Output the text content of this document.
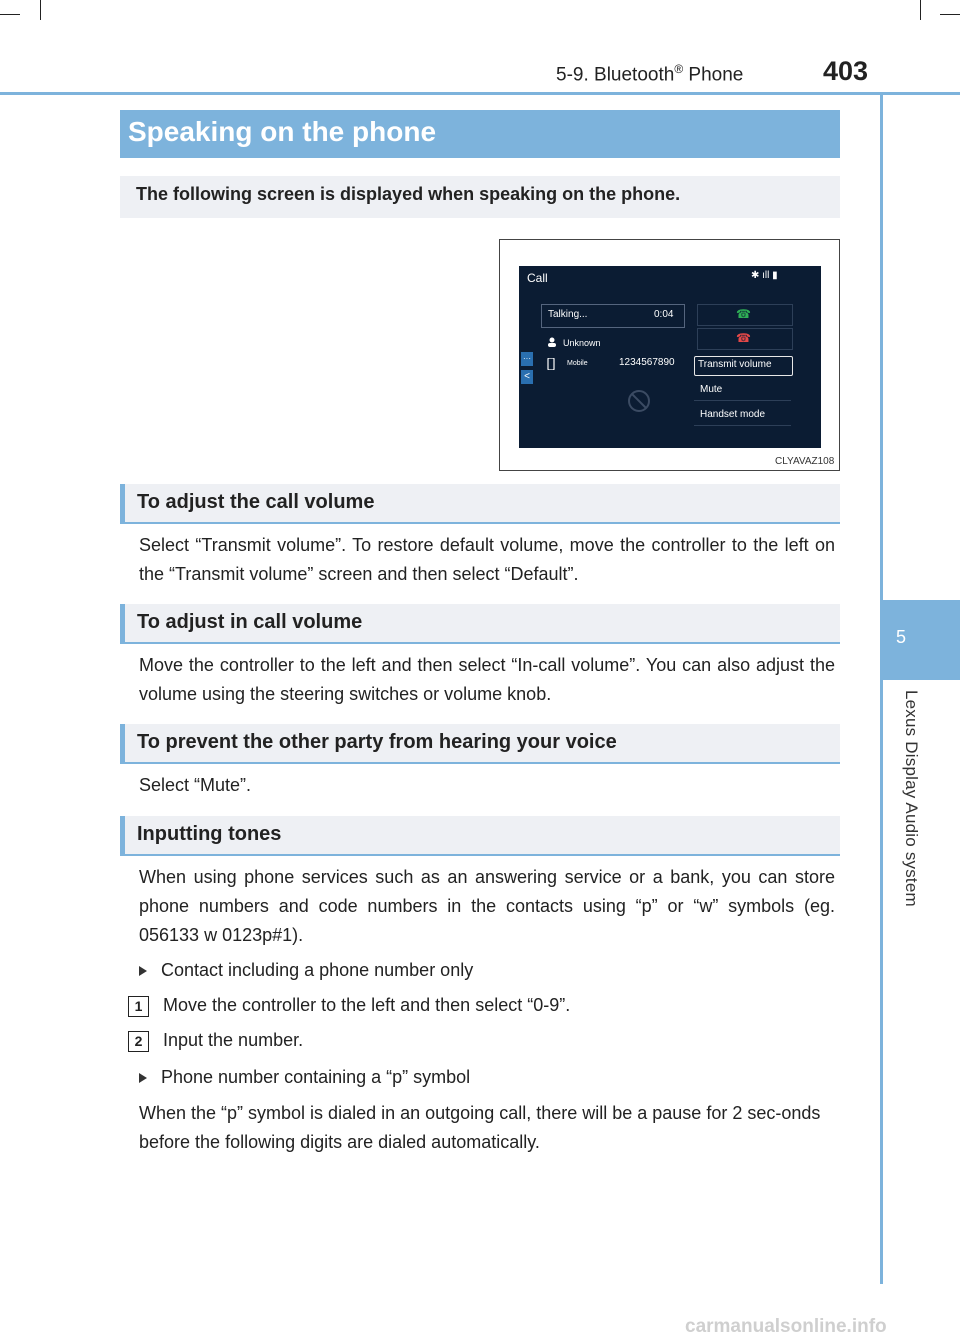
5-9. Bluetooth® Phone	403
5
Lexus Display Audio system
Speaking on the phone
The following screen is displayed when speaking on the phone.
Call	✱ ıll ▮
Talking...	0:04
Unknown
Mobile	1234567890
···
<
☎
☎
Transmit volume
Mute
Handset mode
CLYAVAZ108
To adjust the call volume
Select “Transmit volume”. To restore default volume, move the controller to the left on the “Transmit volume” screen and then select “Default”.
To adjust in call volume
Move the controller to the left and then select “In-call volume”. You can also adjust the volume using the steering switches or volume knob.
To prevent the other party from hearing your voice
Select “Mute”.
Inputting tones
When using phone services such as an answering service or a bank, you can store phone numbers and code numbers in the contacts using “p” or “w” symbols (eg. 056133 w 0123p#1).
Contact including a phone number only
1	Move the controller to the left and then select “0-9”.
2	Input the number.
Phone number containing a “p” symbol
When the “p” symbol is dialed in an outgoing call, there will be a pause for 2 sec-onds before the following digits are dialed automatically.
carmanualsonline.info
